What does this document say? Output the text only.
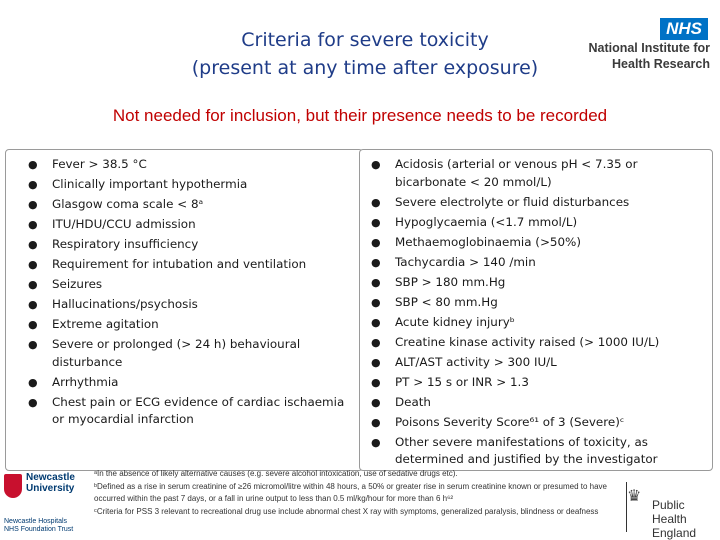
Criteria for severe toxicity
(present at any time after exposure)
NHS
National Institute for
Health Research
Not needed for inclusion, but their presence needs to be recorded
● Fever > 38.5 °C
● Clinically important hypothermia
● Glasgow coma scale < 8ᵃ
● ITU/HDU/CCU admission
● Respiratory insufficiency
● Requirement for intubation and ventilation
● Seizures
● Hallucinations/psychosis
● Extreme agitation
● Severe or prolonged (> 24 h) behavioural disturbance
● Arrhythmia
● Chest pain or ECG evidence of cardiac ischaemia or myocardial infarction
● Acidosis (arterial or venous pH < 7.35 or bicarbonate < 20 mmol/L)
● Severe electrolyte or fluid disturbances
● Hypoglycaemia (<1.7 mmol/L)
● Methaemoglobinaemia (>50%)
● Tachycardia > 140 /min
● SBP > 180 mm.Hg
● SBP < 80 mm.Hg
● Acute kidney injuryᵇ
● Creatine kinase activity raised (> 1000 IU/L)
● ALT/AST activity > 300 IU/L
● PT > 15 s or INR > 1.3
● Death
● Poisons Severity Score⁶¹ of 3 (Severe)ᶜ
● Other severe manifestations of toxicity, as determined and justified by the investigator
Newcastle
University
Newcastle Hospitals
NHS Foundation Trust
ᵃIn the absence of likely alternative causes (e.g. severe alcohol intoxication, use of sedative drugs etc).
ᵇDefined as a rise in serum creatinine of ≥26 micromol/litre within 48 hours, a 50% or greater rise in serum creatinine known or presumed to have occurred within the past 7 days, or a fall in urine output to less than 0.5 ml/kg/hour for more than 6 h⁶²
ᶜCriteria for PSS 3 relevant to recreational drug use include abnormal chest X ray with symptoms, generalized paralysis, blindness or deafness
♛ Public Health
England
